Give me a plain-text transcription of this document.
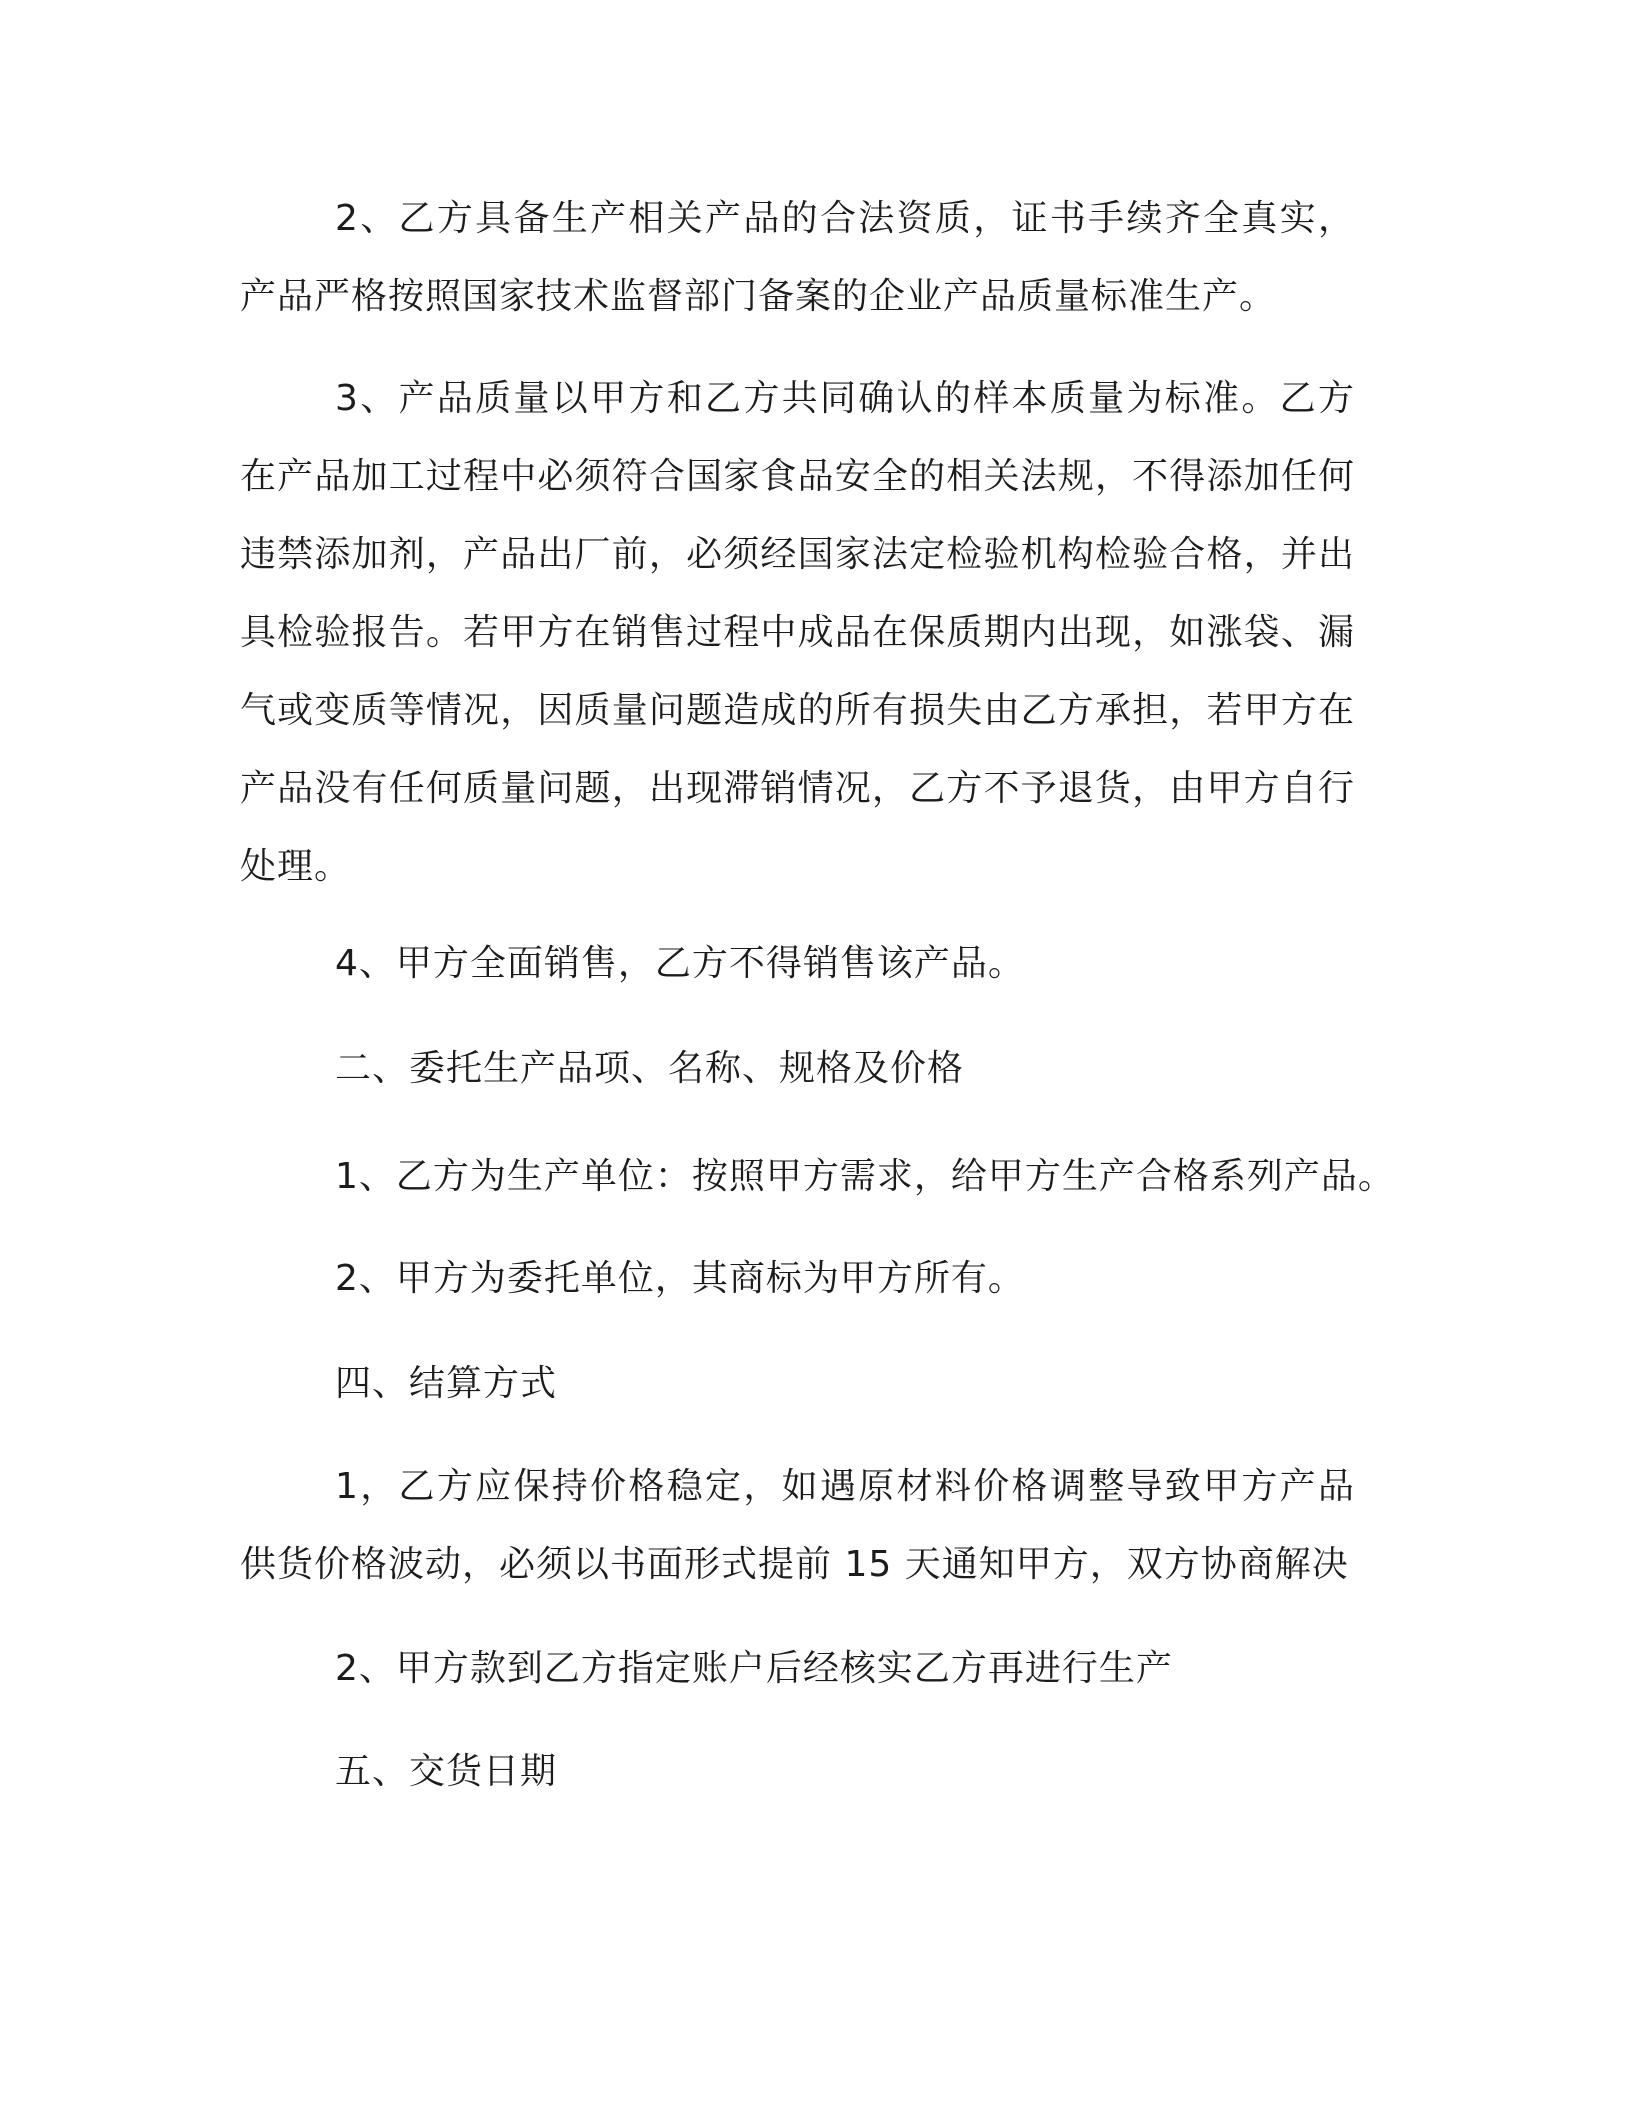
2、乙方具备生产相关产品的合法资质，证书手续齐全真实，产品严格按照国家技术监督部门备案的企业产品质量标准生产。

3、产品质量以甲方和乙方共同确认的样本质量为标准。乙方在产品加工过程中必须符合国家食品安全的相关法规，不得添加任何违禁添加剂，产品出厂前，必须经国家法定检验机构检验合格，并出具检验报告。若甲方在销售过程中成品在保质期内出现，如涨袋、漏气或变质等情况，因质量问题造成的所有损失由乙方承担，若甲方在产品没有任何质量问题，出现滞销情况，乙方不予退货，由甲方自行处理。

4、甲方全面销售，乙方不得销售该产品。

二、委托生产品项、名称、规格及价格

1、乙方为生产单位：按照甲方需求，给甲方生产合格系列产品。

2、甲方为委托单位，其商标为甲方所有。

四、结算方式

1，乙方应保持价格稳定，如遇原材料价格调整导致甲方产品供货价格波动，必须以书面形式提前 15 天通知甲方，双方协商解决

2、甲方款到乙方指定账户后经核实乙方再进行生产

五、交货日期
